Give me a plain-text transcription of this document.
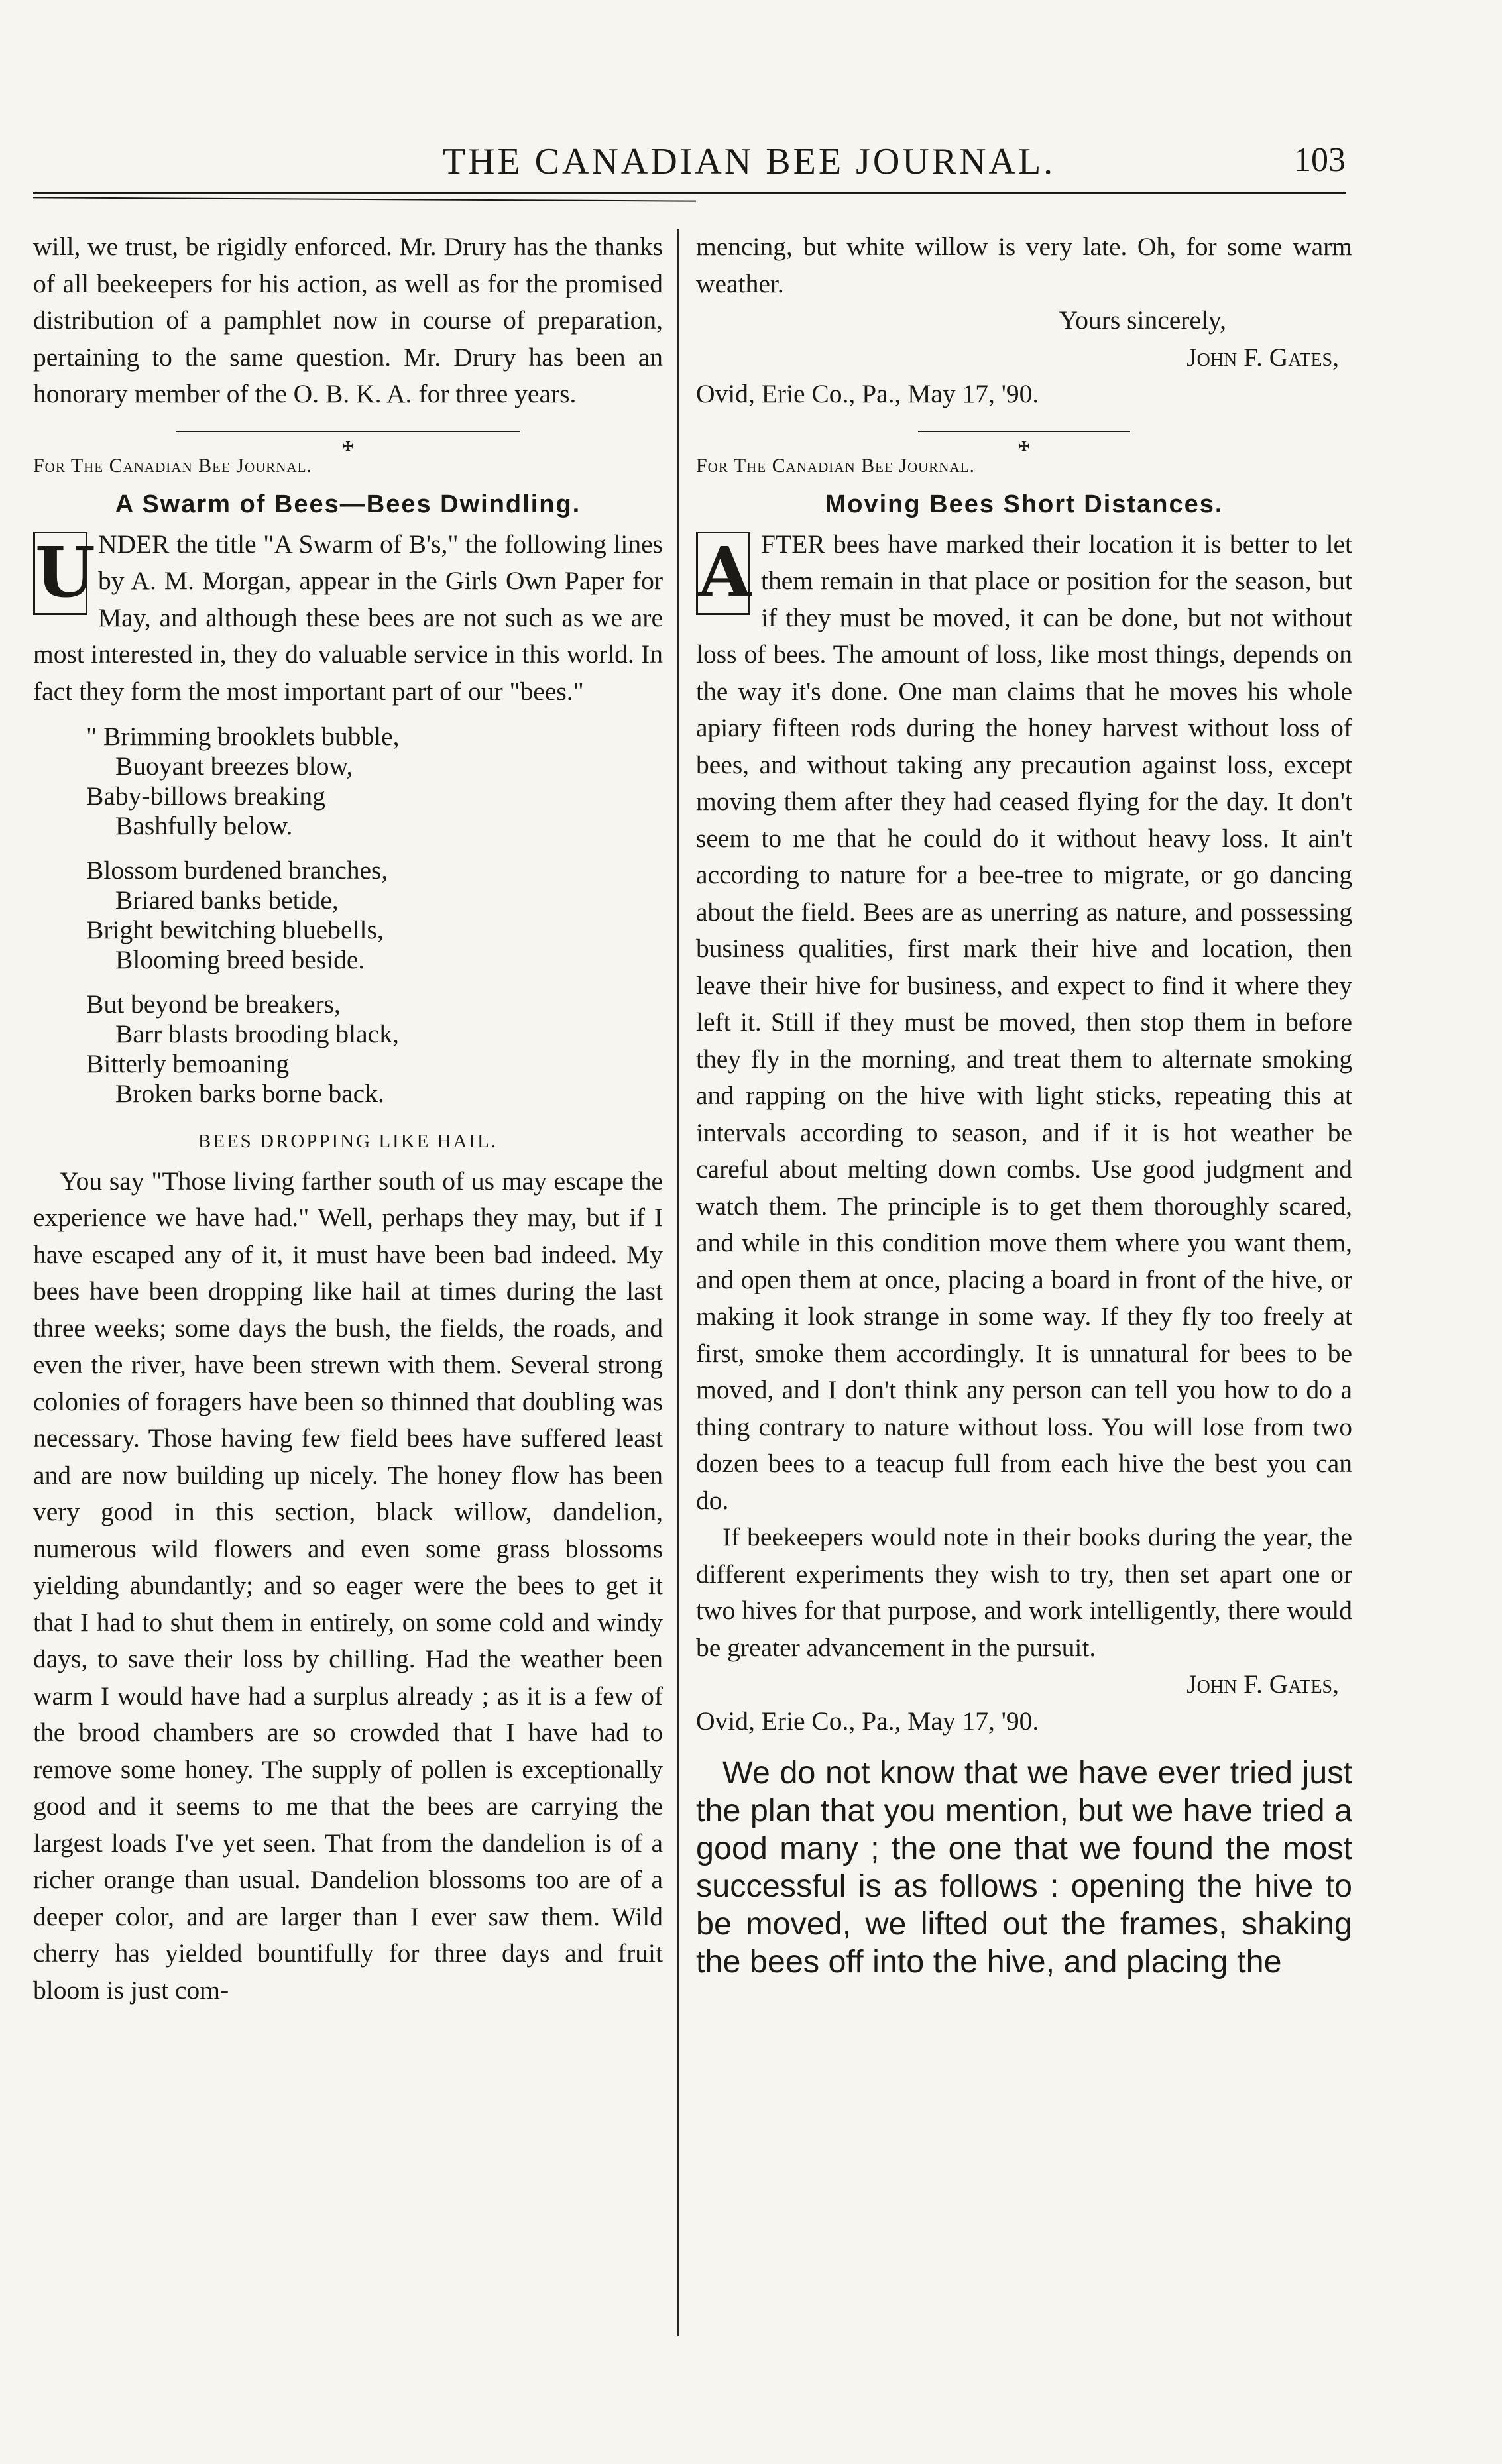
THE CANADIAN BEE JOURNAL.	103

will, we trust, be rigidly enforced. Mr. Drury has the thanks of all beekeepers for his action, as well as for the promised distribution of a pamphlet now in course of preparation, pertaining to the same question. Mr. Drury has been an honorary member of the O. B. K. A. for three years.

✠
For The Canadian Bee Journal.
A Swarm of Bees—Bees Dwindling.
U NDER the title "A Swarm of B's," the following lines by A. M. Morgan, appear in the Girls Own Paper for May, and although these bees are not such as we are most interested in, they do valuable service in this world. In fact they form the most important part of our "bees."

" Brimming brooklets bubble,
Buoyant breezes blow,
Baby-billows breaking
Bashfully below.
Blossom burdened branches,
Briared banks betide,
Bright bewitching bluebells,
Blooming breed beside.
But beyond be breakers,
Barr blasts brooding black,
Bitterly bemoaning
Broken barks borne back.
BEES DROPPING LIKE HAIL.

You say "Those living farther south of us may escape the experience we have had." Well, perhaps they may, but if I have escaped any of it, it must have been bad indeed. My bees have been dropping like hail at times during the last three weeks; some days the bush, the fields, the roads, and even the river, have been strewn with them. Several strong colonies of foragers have been so thinned that doubling was necessary. Those having few field bees have suffered least and are now building up nicely. The honey flow has been very good in this section, black willow, dandelion, numerous wild flowers and even some grass blossoms yielding abundantly; and so eager were the bees to get it that I had to shut them in entirely, on some cold and windy days, to save their loss by chilling. Had the weather been warm I would have had a surplus already ; as it is a few of the brood chambers are so crowded that I have had to remove some honey. The supply of pollen is exceptionally good and it seems to me that the bees are carrying the largest loads I've yet seen. That from the dandelion is of a richer orange than usual. Dandelion blossoms too are of a deeper color, and are larger than I ever saw them. Wild cherry has yielded bountifully for three days and fruit bloom is just com-

mencing, but white willow is very late. Oh, for some warm weather.

Yours sincerely,
John F. Gates,
Ovid, Erie Co., Pa., May 17, '90.
✠
For The Canadian Bee Journal.
Moving Bees Short Distances.
A FTER bees have marked their location it is better to let them remain in that place or position for the season, but if they must be moved, it can be done, but not without loss of bees. The amount of loss, like most things, depends on the way it's done. One man claims that he moves his whole apiary fifteen rods during the honey harvest without loss of bees, and without taking any precaution against loss, except moving them after they had ceased flying for the day. It don't seem to me that he could do it without heavy loss. It ain't according to nature for a bee-tree to migrate, or go dancing about the field. Bees are as unerring as nature, and possessing business qualities, first mark their hive and location, then leave their hive for business, and expect to find it where they left it. Still if they must be moved, then stop them in before they fly in the morning, and treat them to alternate smoking and rapping on the hive with light sticks, repeating this at intervals according to season, and if it is hot weather be careful about melting down combs. Use good judgment and watch them. The principle is to get them thoroughly scared, and while in this condition move them where you want them, and open them at once, placing a board in front of the hive, or making it look strange in some way. If they fly too freely at first, smoke them accordingly. It is unnatural for bees to be moved, and I don't think any person can tell you how to do a thing contrary to nature without loss. You will lose from two dozen bees to a teacup full from each hive the best you can do.

If beekeepers would note in their books during the year, the different experiments they wish to try, then set apart one or two hives for that purpose, and work intelligently, there would be greater advancement in the pursuit.

John F. Gates,
Ovid, Erie Co., Pa., May 17, '90.

We do not know that we have ever tried just the plan that you mention, but we have tried a good many ; the one that we found the most successful is as follows : opening the hive to be moved, we lifted out the frames, shaking the bees off into the hive, and placing the
